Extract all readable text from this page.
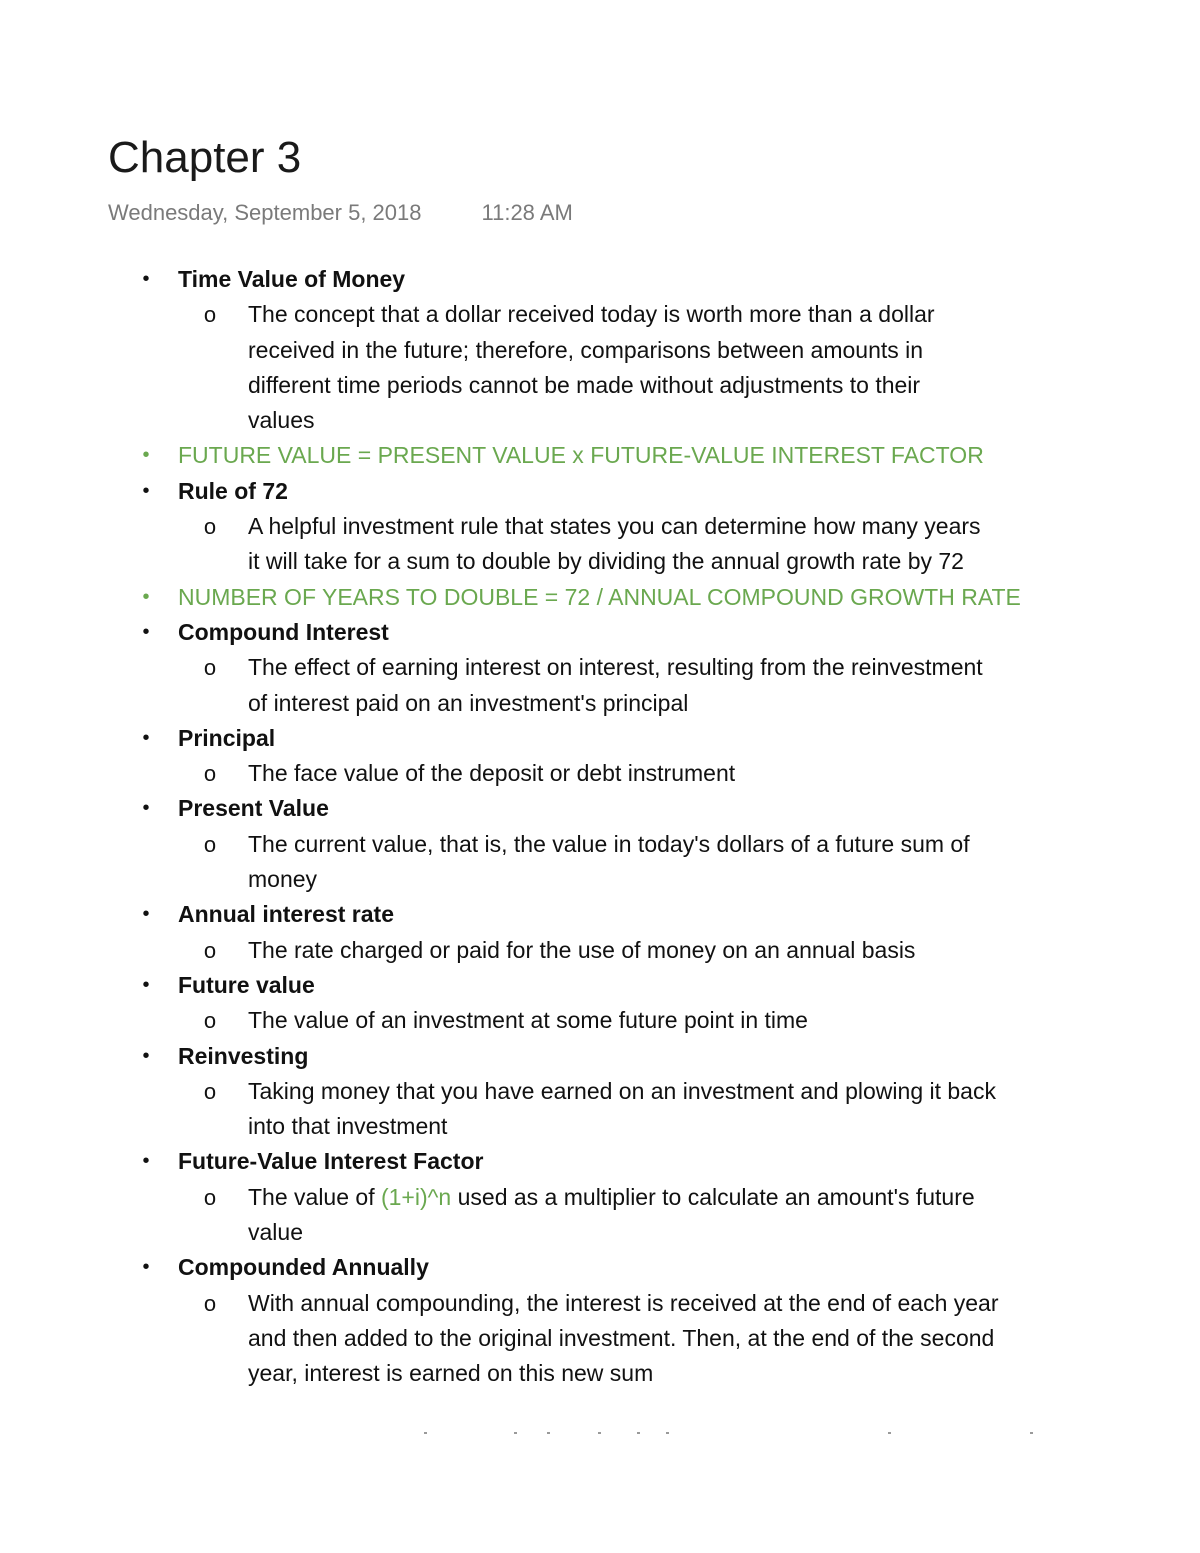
Chapter 3
Wednesday, September 5, 2018	11:28 AM
• Time Value of Money
o The concept that a dollar received today is worth more than a dollar
received in the future; therefore, comparisons between amounts in
different time periods cannot be made without adjustments to their
values
• FUTURE VALUE = PRESENT VALUE x FUTURE-VALUE INTEREST FACTOR
• Rule of 72
o A helpful investment rule that states you can determine how many years
it will take for a sum to double by dividing the annual growth rate by 72
• NUMBER OF YEARS TO DOUBLE = 72 / ANNUAL COMPOUND GROWTH RATE
• Compound Interest
o The effect of earning interest on interest, resulting from the reinvestment
of interest paid on an investment's principal
• Principal
o The face value of the deposit or debt instrument
• Present Value
o The current value, that is, the value in today's dollars of a future sum of
money
• Annual interest rate
o The rate charged or paid for the use of money on an annual basis
• Future value
o The value of an investment at some future point in time
• Reinvesting
o Taking money that you have earned on an investment and plowing it back
into that investment
• Future-Value Interest Factor
o The value of (1+i)^n used as a multiplier to calculate an amount's future
value
• Compounded Annually
o With annual compounding, the interest is received at the end of each year
and then added to the original investment. Then, at the end of the second
year, interest is earned on this new sum
